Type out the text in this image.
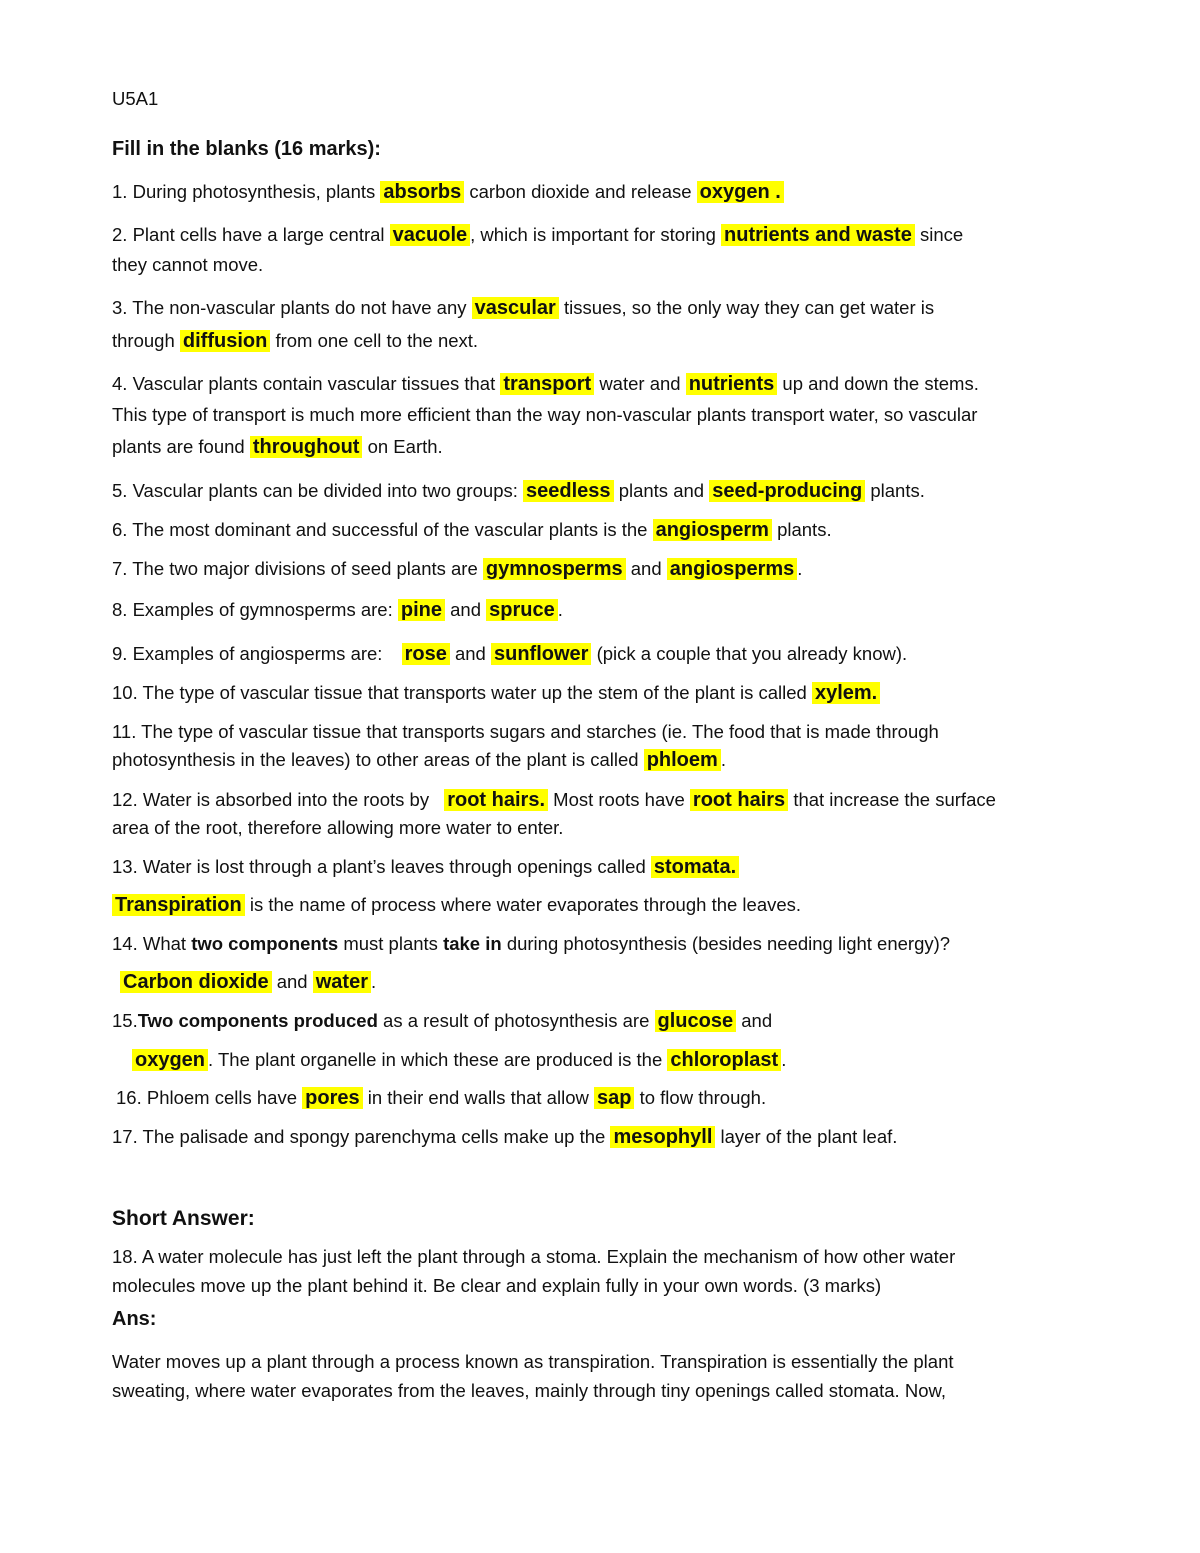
U5A1
Fill in the blanks (16 marks):
1. During photosynthesis, plants absorbs carbon dioxide and release oxygen .
2. Plant cells have a large central vacuole , which is important for storing nutrients and waste since
they cannot move.
3. The non-vascular plants do not have any vascular tissues, so the only way they can get water is
through diffusion from one cell to the next.
4. Vascular plants contain vascular tissues that transport water and nutrients up and down the stems.
This type of transport is much more efficient than the way non-vascular plants transport water, so vascular
plants are found throughout on Earth.
5. Vascular plants can be divided into two groups: seedless plants and seed-producing plants.
6. The most dominant and successful of the vascular plants is the angiosperm plants.
7. The two major divisions of seed plants are gymnosperms and angiosperms .
8. Examples of gymnosperms are: pine and spruce .
9. Examples of angiosperms are: rose and sunflower (pick a couple that you already know).
10. The type of vascular tissue that transports water up the stem of the plant is called xylem.
11. The type of vascular tissue that transports sugars and starches (ie. The food that is made through
photosynthesis in the leaves) to other areas of the plant is called phloem .
12. Water is absorbed into the roots by root hairs. Most roots have root hairs that increase the surface
area of the root, therefore allowing more water to enter.
13. Water is lost through a plant’s leaves through openings called stomata.
Transpiration is the name of process where water evaporates through the leaves.
14. What two components must plants take in during photosynthesis (besides needing light energy)?
Carbon dioxide and water .
15.Two components produced as a result of photosynthesis are glucose and
oxygen . The plant organelle in which these are produced is the chloroplast .
16. Phloem cells have pores in their end walls that allow sap to flow through.
17. The palisade and spongy parenchyma cells make up the mesophyll layer of the plant leaf.
Short Answer:
18. A water molecule has just left the plant through a stoma. Explain the mechanism of how other water
molecules move up the plant behind it. Be clear and explain fully in your own words. (3 marks)
Ans:
Water moves up a plant through a process known as transpiration. Transpiration is essentially the plant
sweating, where water evaporates from the leaves, mainly through tiny openings called stomata. Now,
